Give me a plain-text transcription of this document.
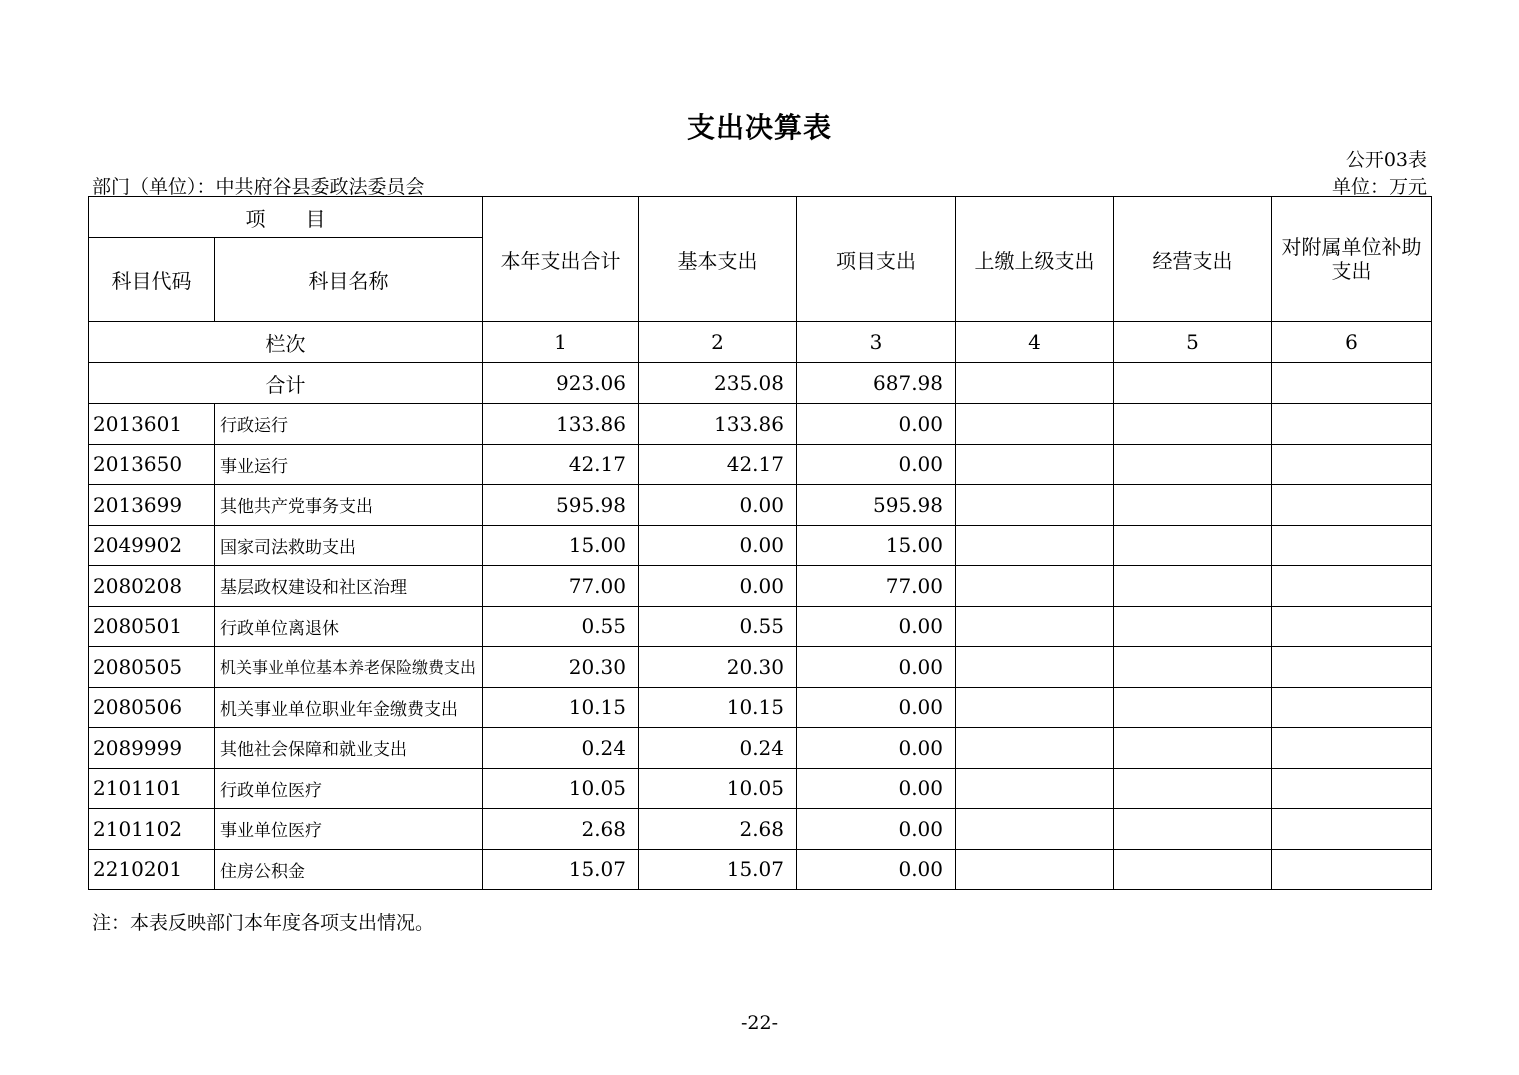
支出决算表
公开03表
部门（单位）：中共府谷县委政法委员会	单位：万元
项　　目		本年支出合计	基本支出	项目支出	上缴上级支出	经营支出	对附属单位补助支出
科目代码	科目名称						
栏次		1	2	3	4	5	6
合计		923.06	235.08	687.98			
2013601	行政运行	133.86	133.86	0.00			
2013650	事业运行	42.17	42.17	0.00			
2013699	其他共产党事务支出	595.98	0.00	595.98			
2049902	国家司法救助支出	15.00	0.00	15.00			
2080208	基层政权建设和社区治理	77.00	0.00	77.00			
2080501	行政单位离退休	0.55	0.55	0.00			
2080505	机关事业单位基本养老保险缴费支出	20.30	20.30	0.00			
2080506	机关事业单位职业年金缴费支出	10.15	10.15	0.00			
2089999	其他社会保障和就业支出	0.24	0.24	0.00			
2101101	行政单位医疗	10.05	10.05	0.00			
2101102	事业单位医疗	2.68	2.68	0.00			
2210201	住房公积金	15.07	15.07	0.00			
注：本表反映部门本年度各项支出情况。
-22-
